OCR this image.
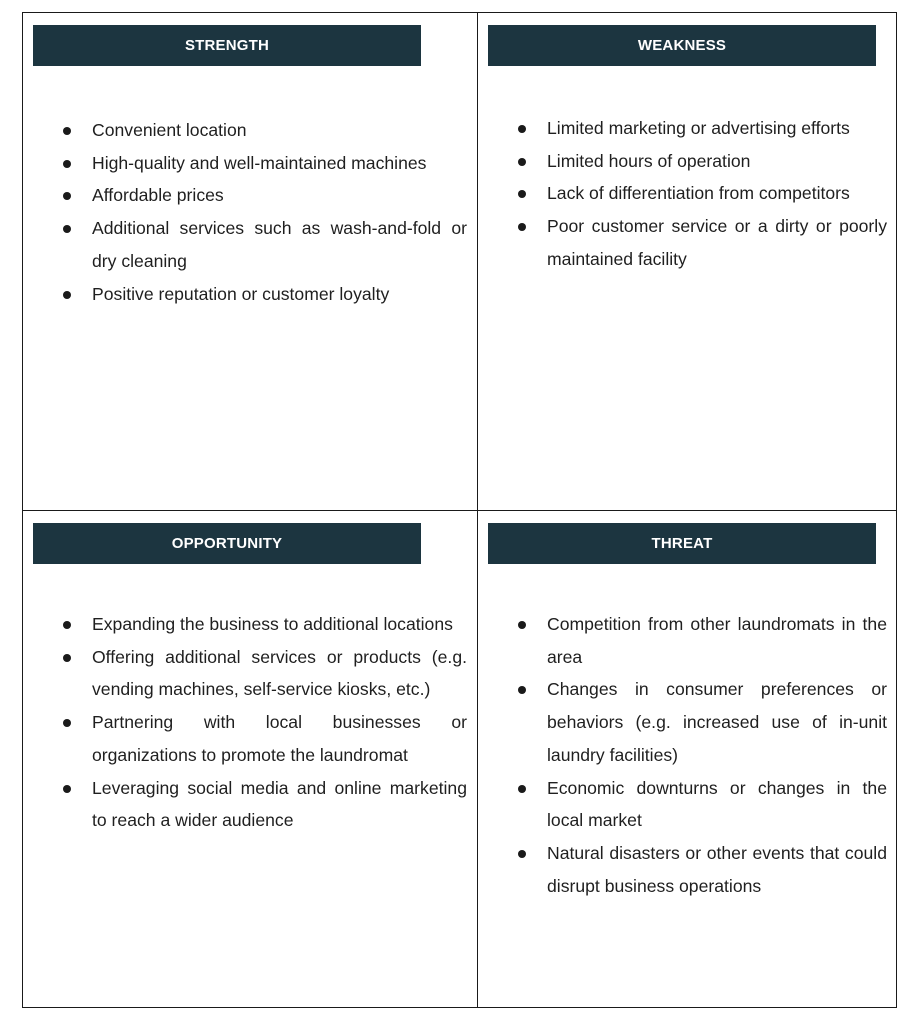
STRENGTH
Convenient location
High-quality and well-maintained machines
Affordable prices
Additional services such as wash-and-fold or dry cleaning
Positive reputation or customer loyalty
WEAKNESS
Limited marketing or advertising efforts
Limited hours of operation
Lack of differentiation from competitors
Poor customer service or a dirty or poorly maintained facility
OPPORTUNITY
Expanding the business to additional locations
Offering additional services or products (e.g. vending machines, self-service kiosks, etc.)
Partnering with local businesses or organizations to promote the laundromat
Leveraging social media and online marketing to reach a wider audience
THREAT
Competition from other laundromats in the area
Changes in consumer preferences or behaviors (e.g. increased use of in-unit laundry facilities)
Economic downturns or changes in the local market
Natural disasters or other events that could disrupt business operations
